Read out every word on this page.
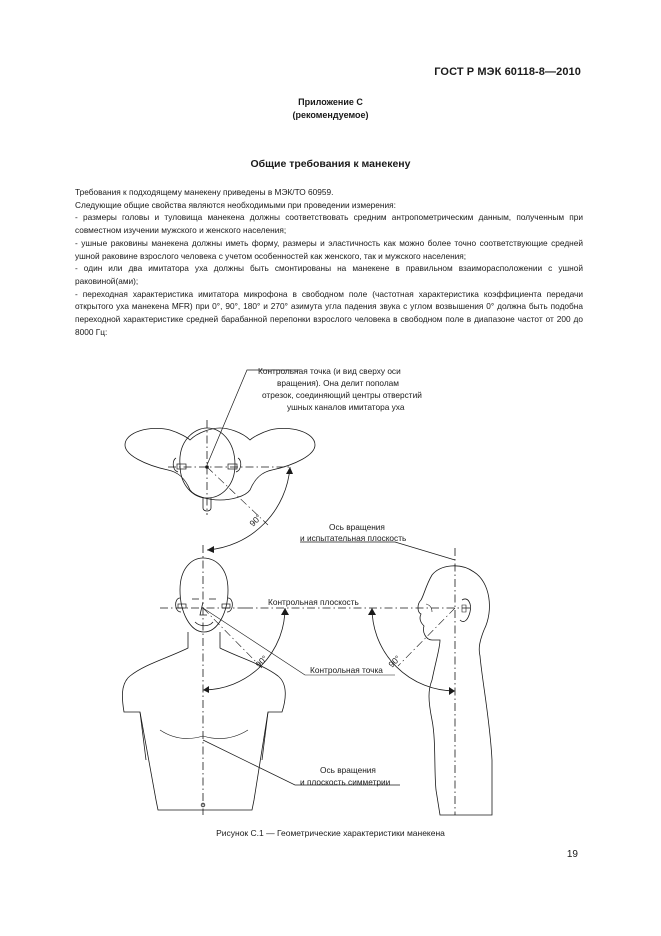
ГОСТ Р МЭК 60118-8—2010
Приложение С
(рекомендуемое)
Общие требования к манекену

Требования к подходящему манекену приведены в МЭК/ТО 60959.

Следующие общие свойства являются необходимыми при проведении измерения:

- размеры головы и туловища манекена должны соответствовать средним антропометрическим данным, полученным при совместном изучении мужского и женского населения;

- ушные раковины манекена должны иметь форму, размеры и эластичность как можно более точно соответствующие средней ушной раковине взрослого человека с учетом особенностей как женского, так и мужского населения;

- один или два имитатора уха должны быть смонтированы на манекене в правильном взаиморасположении с ушной раковиной(ами);

- переходная характеристика имитатора микрофона в свободном поле (частотная характеристика коэффициента передачи открытого уха манекена MFR) при 0°, 90°, 180° и 270° азимута угла падения звука с углом возвышения 0° должна быть подобна переходной характеристике средней барабанной перепонки взрослого человека в свободном поле в диапазоне частот от 200 до 8000 Гц:

90°
90°	90°
Контрольная точка (и вид сверху оси
вращения). Она делит пополам
отрезок, соединяющий центры отверстий
ушных каналов имитатора уха
Ось вращения
и испытательная плоскость
Контрольная плоскость
Контрольная точка
Ось вращения
и плоскость симметрии
Рисунок С.1 — Геометрические характеристики манекена
19
